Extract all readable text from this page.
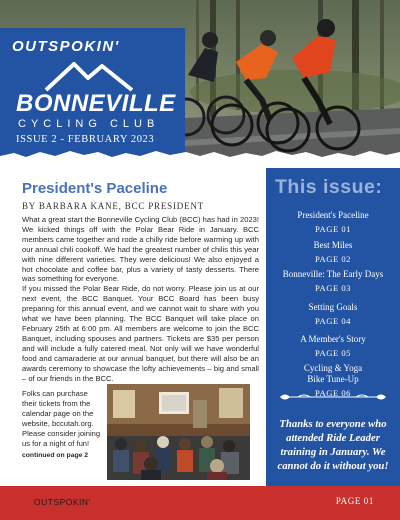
OUTSPOKIN'
BONNEVILLE
CYCLING CLUB
ISSUE 2 - FEBRUARY 2023
President's Paceline
BY BARBARA KANE, BCC PRESIDENT

What a great start the Bonneville Cycling Club (BCC) has had in 2023! We kicked things off with the Polar Bear Ride in January. BCC members came together and rode a chilly ride before warming up with our annual chili cookoff. We had the greatest number of chilis this year with nine different varieties. They were delicious! We also enjoyed a hot chocolate and coffee bar, plus a variety of tasty desserts. There was something for everyone.

If you missed the Polar Bear Ride, do not worry. Please join us at our next event, the BCC Banquet. Your BCC Board has been busy preparing for this annual event, and we cannot wait to share with you what we have been planning. The BCC Banquet will take place on February 25th at 6:00 pm. All members are welcome to join the BCC Banquet, including spouses and partners. Tickets are $35 per person and will include a fully catered meal. Not only will we have wonderful food and camaraderie at our annual banquet, but there will also be an awards ceremony to showcase the lofty achievements – big and small – of our friends in the BCC.

Folks can purchase their tickets from the calendar page on the website, bccutah.org. Please consider joining us for a night of fun!
continued on page 2
This issue:
President's Paceline
PAGE 01
Best Miles
PAGE 02
Bonneville: The Early Days
PAGE 03
Setting Goals
PAGE 04
A Member's Story
PAGE 05
Cycling & Yoga
Bike Tune-Up
PAGE 06
Thanks to everyone who attended Ride Leader training in January. We cannot do it without you!
OUTSPOKIN'	PAGE 01
